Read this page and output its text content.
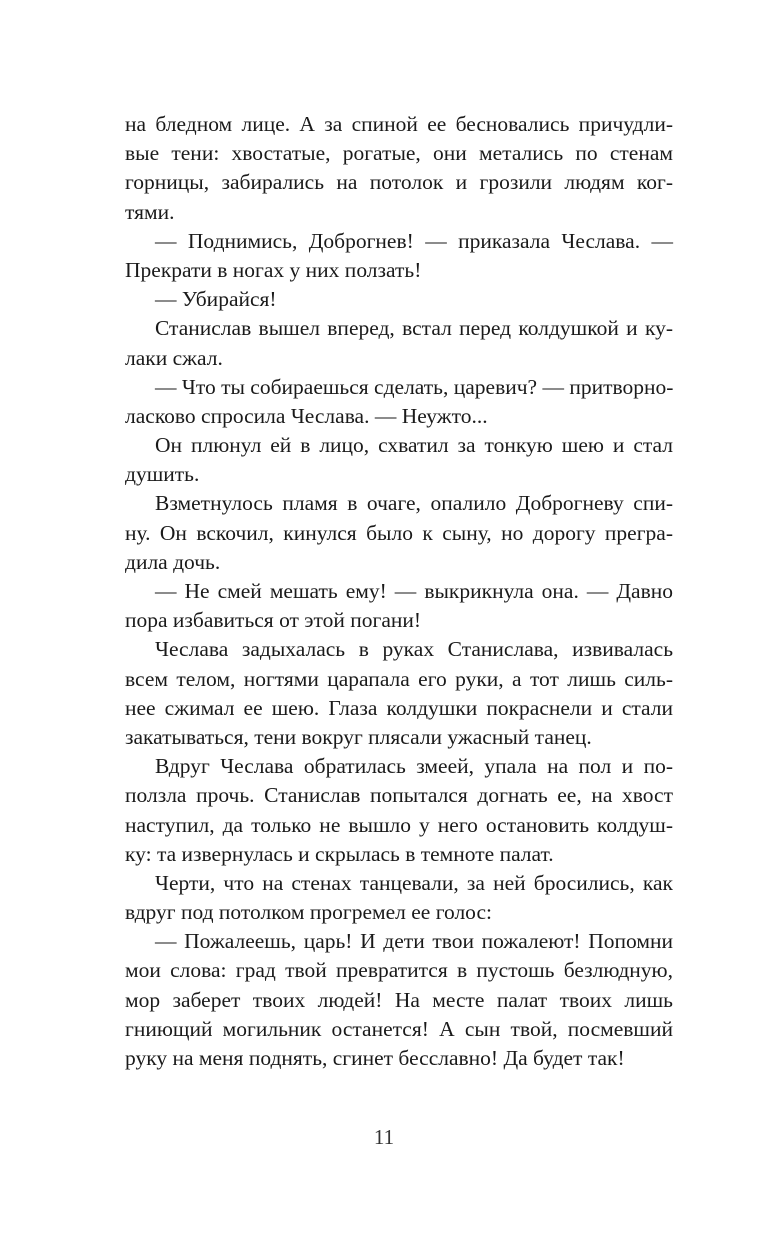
на бледном лице. А за спиной ее бесновались причудли-
вые тени: хвостатые, рогатые, они метались по стенам
горницы, забирались на потолок и грозили людям ког-
тями.
— Поднимись, Доброгнев! — приказала Чеслава. —
Прекрати в ногах у них ползать!
— Убирайся!
Станислав вышел вперед, встал перед колдушкой и ку-
лаки сжал.
— Что ты собираешься сделать, царевич? — притворно-
ласково спросила Чеслава. — Неужто...
Он плюнул ей в лицо, схватил за тонкую шею и стал
душить.
Взметнулось пламя в очаге, опалило Доброгневу спи-
ну. Он вскочил, кинулся было к сыну, но дорогу прегра-
дила дочь.
— Не смей мешать ему! — выкрикнула она. — Давно
пора избавиться от этой погани!
Чеслава задыхалась в руках Станислава, извивалась
всем телом, ногтями царапала его руки, а тот лишь силь-
нее сжимал ее шею. Глаза колдушки покраснели и стали
закатываться, тени вокруг плясали ужасный танец.
Вдруг Чеслава обратилась змеей, упала на пол и по-
ползла прочь. Станислав попытался догнать ее, на хвост
наступил, да только не вышло у него остановить колдуш-
ку: та извернулась и скрылась в темноте палат.
Черти, что на стенах танцевали, за ней бросились, как
вдруг под потолком прогремел ее голос:
— Пожалеешь, царь! И дети твои пожалеют! Попомни
мои слова: град твой превратится в пустошь безлюдную,
мор заберет твоих людей! На месте палат твоих лишь
гниющий могильник останется! А сын твой, посмевший
руку на меня поднять, сгинет бесславно! Да будет так!
11
